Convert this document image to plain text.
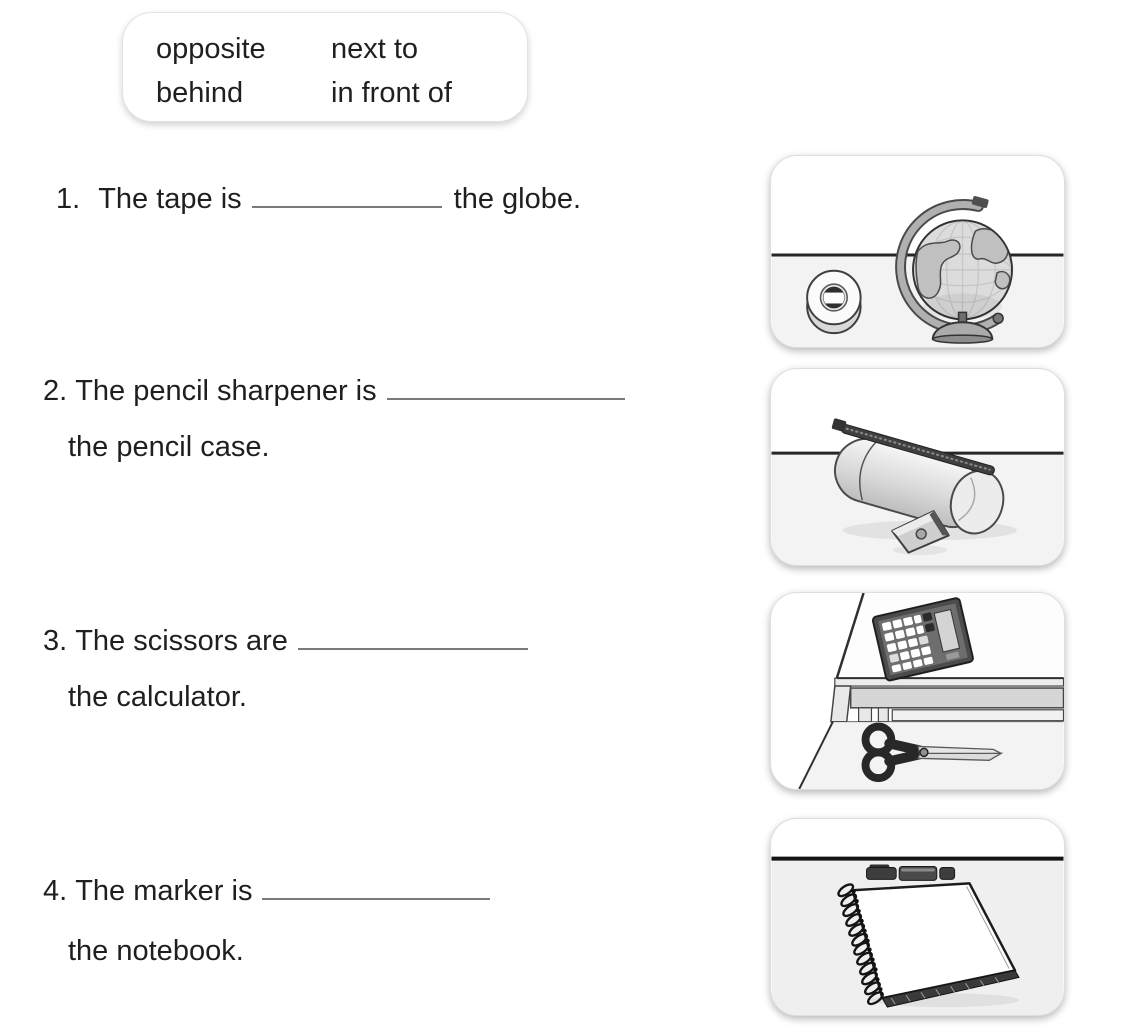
opposite	next to
behind	in front of
1. The tape is	the globe.
2. The pencil sharpener is
the pencil case.
3. The scissors are
the calculator.
4. The marker is
the notebook.
